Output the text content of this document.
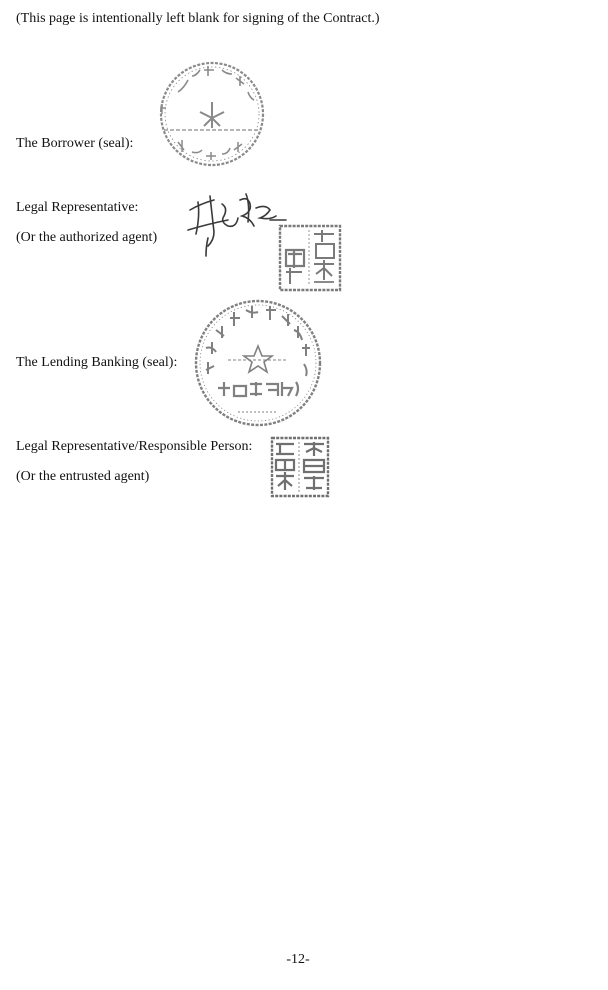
(This page is intentionally left blank for signing of the Contract.)
The Borrower (seal):
Legal Representative:
(Or the authorized agent)
The Lending Banking (seal):
Legal Representative/Responsible Person:
(Or the entrusted agent)
-12-
